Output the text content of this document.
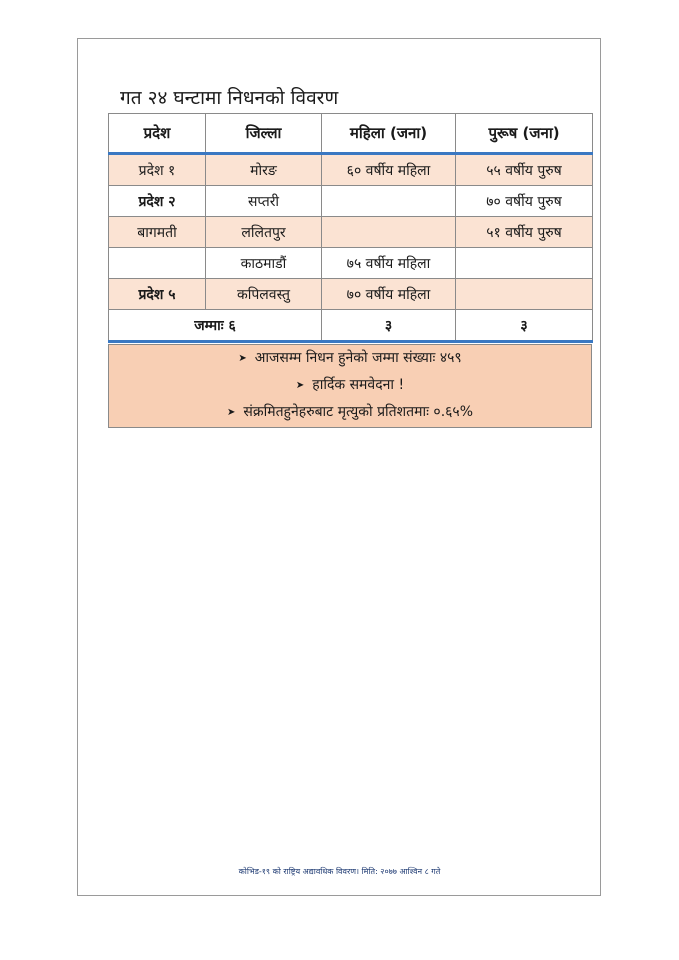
गत २४ घन्टामा निधनको विवरण
प्रदेश	जिल्ला	महिला (जना)	पुरूष (जना)
प्रदेश १	मोरङ	६० वर्षीय महिला	५५ वर्षीय पुरुष
प्रदेश २	सप्तरी		७० वर्षीय पुरुष
बागमती	ललितपुर		५१ वर्षीय पुरुष
	काठमाडौं	७५ वर्षीय महिला	
प्रदेश ५	कपिलवस्तु	७० वर्षीय महिला	
जम्माः ६		३	३
➤ आजसम्म निधन हुनेको जम्मा संख्याः ४५९
➤ हार्दिक समवेदना !
➤ संक्रमितहुनेहरुबाट मृत्युको प्रतिशतमाः ०.६५%
कोभिड-१९ को राष्ट्रिय अद्यावधिक विवरण। मिति: २०७७ आश्विन ८ गते
